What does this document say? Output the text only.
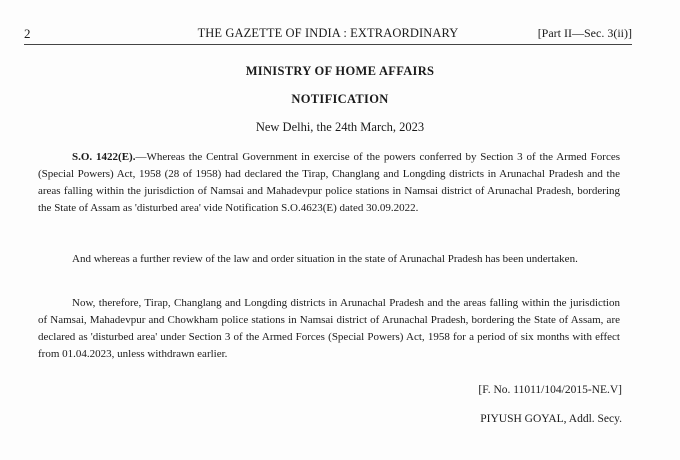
2	THE GAZETTE OF INDIA : EXTRAORDINARY	[Part II—Sec. 3(ii)]
MINISTRY OF HOME AFFAIRS
NOTIFICATION
New Delhi, the 24th March, 2023
S.O. 1422(E).—Whereas the Central Government in exercise of the powers conferred by Section 3 of the Armed Forces (Special Powers) Act, 1958 (28 of 1958) had declared the Tirap, Changlang and Longding districts in Arunachal Pradesh and the areas falling within the jurisdiction of Namsai and Mahadevpur police stations in Namsai district of Arunachal Pradesh, bordering the State of Assam as 'disturbed area' vide Notification S.O.4623(E) dated 30.09.2022.
And whereas a further review of the law and order situation in the state of Arunachal Pradesh has been undertaken.
Now, therefore, Tirap, Changlang and Longding districts in Arunachal Pradesh and the areas falling within the jurisdiction of Namsai, Mahadevpur and Chowkham police stations in Namsai district of Arunachal Pradesh, bordering the State of Assam, are declared as 'disturbed area' under Section 3 of the Armed Forces (Special Powers) Act, 1958 for a period of six months with effect from 01.04.2023, unless withdrawn earlier.
[F. No. 11011/104/2015-NE.V]
PIYUSH GOYAL, Addl. Secy.
